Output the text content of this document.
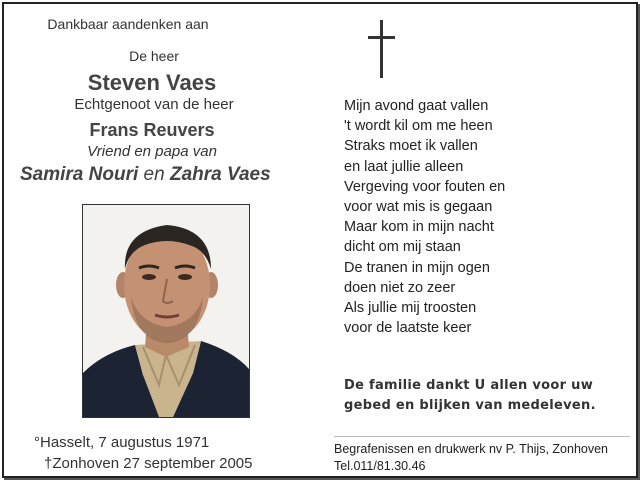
Dankbaar aandenken aan
De heer
Steven Vaes
Echtgenoot van de heer
Frans Reuvers
Vriend en papa van
Samira Nouri en Zahra Vaes
°Hasselt, 7 augustus 1971
†Zonhoven 27 september 2005
Mijn avond gaat vallen
't wordt kil om me heen
Straks moet ik vallen
en laat jullie alleen
Vergeving voor fouten en
voor wat mis is gegaan
Maar kom in mijn nacht
dicht om mij staan
De tranen in mijn ogen
doen niet zo zeer
Als jullie mij troosten
voor de laatste keer
De familie dankt U allen voor uw
gebed en blijken van medeleven.
Begrafenissen en drukwerk nv P. Thijs, Zonhoven
Tel.011/81.30.46
